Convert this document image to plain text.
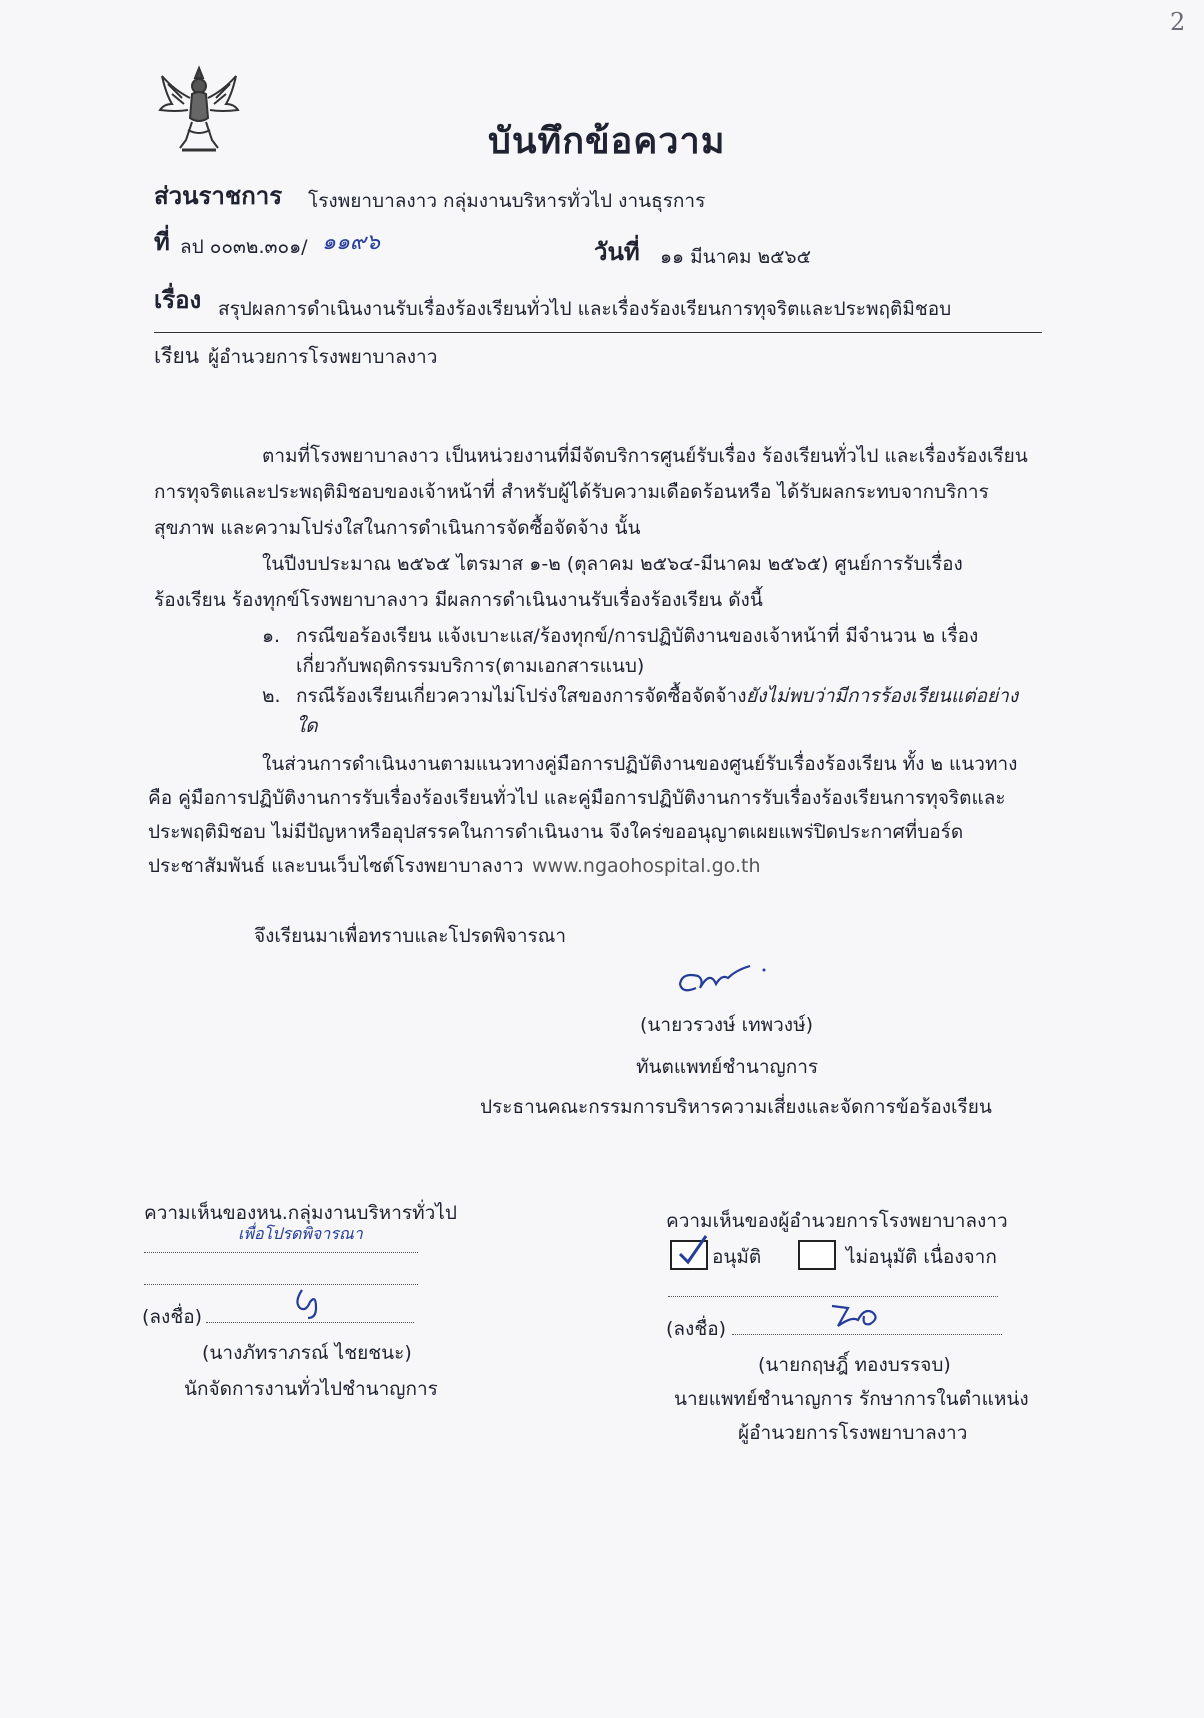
2
บันทึกข้อความ
ส่วนราชการ โรงพยาบาลงาว กลุ่มงานบริหารทั่วไป งานธุรการ
ที่ ลป ๐๐๓๒.๓๐๑/ ๑๑๙๖	วันที่ ๑๑ มีนาคม ๒๕๖๕
เรื่อง สรุปผลการดำเนินงานรับเรื่องร้องเรียนทั่วไป และเรื่องร้องเรียนการทุจริตและประพฤติมิชอบ
เรียน ผู้อำนวยการโรงพยาบาลงาว
ตามที่โรงพยาบาลงาว เป็นหน่วยงานที่มีจัดบริการศูนย์รับเรื่อง ร้องเรียนทั่วไป และเรื่องร้องเรียน
การทุจริตและประพฤติมิชอบของเจ้าหน้าที่ สำหรับผู้ได้รับความเดือดร้อนหรือ ได้รับผลกระทบจากบริการ
สุขภาพ และความโปร่งใสในการดำเนินการจัดซื้อจัดจ้าง นั้น
ในปีงบประมาณ ๒๕๖๕ ไตรมาส ๑-๒ (ตุลาคม ๒๕๖๔-มีนาคม ๒๕๖๕) ศูนย์การรับเรื่อง
ร้องเรียน ร้องทุกข์โรงพยาบาลงาว มีผลการดำเนินงานรับเรื่องร้องเรียน ดังนี้
๑. กรณีขอร้องเรียน แจ้งเบาะแส/ร้องทุกข์/การปฏิบัติงานของเจ้าหน้าที่ มีจำนวน ๒ เรื่อง
เกี่ยวกับพฤติกรรมบริการ(ตามเอกสารแนบ)
๒. กรณีร้องเรียนเกี่ยวความไม่โปร่งใสของการจัดซื้อจัดจ้าง ยังไม่พบว่ามีการร้องเรียนแต่อย่าง
ใด
ในส่วนการดำเนินงานตามแนวทางคู่มือการปฏิบัติงานของศูนย์รับเรื่องร้องเรียน ทั้ง ๒ แนวทาง
คือ คู่มือการปฏิบัติงานการรับเรื่องร้องเรียนทั่วไป และคู่มือการปฏิบัติงานการรับเรื่องร้องเรียนการทุจริตและ
ประพฤติมิชอบ ไม่มีปัญหาหรืออุปสรรคในการดำเนินงาน จึงใคร่ขออนุญาตเผยแพร่ปิดประกาศที่บอร์ด
ประชาสัมพันธ์ และบนเว็บไซต์โรงพยาบาลงาว www.ngaohospital.go.th
จึงเรียนมาเพื่อทราบและโปรดพิจารณา
(นายวรวงษ์ เทพวงษ์)
ทันตแพทย์ชำนาญการ
ประธานคณะกรรมการบริหารความเสี่ยงและจัดการข้อร้องเรียน
ความเห็นของหน.กลุ่มงานบริหารทั่วไป
เพื่อโปรดพิจารณา
(ลงชื่อ)
(นางภัทราภรณ์ ไชยชนะ)
นักจัดการงานทั่วไปชำนาญการ
ความเห็นของผู้อำนวยการโรงพยาบาลงาว
อนุมัติ	ไม่อนุมัติ เนื่องจาก
(ลงชื่อ)
(นายกฤษฎิ์ ทองบรรจบ)
นายแพทย์ชำนาญการ รักษาการในตำแหน่ง
ผู้อำนวยการโรงพยาบาลงาว
